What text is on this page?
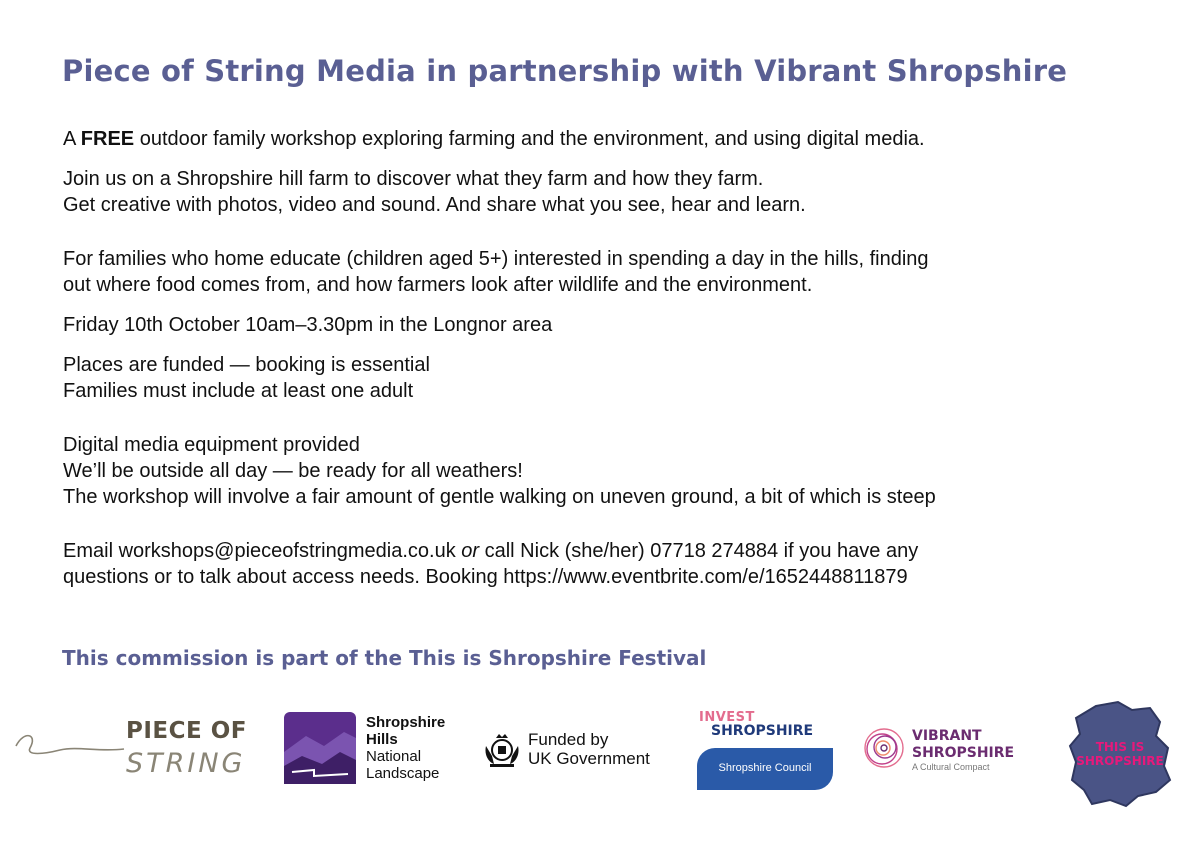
Piece of String Media in partnership with Vibrant Shropshire

A FREE outdoor family workshop exploring farming and the environment, and using digital media.

Join us on a Shropshire hill farm to discover what they farm and how they farm.

Get creative with photos, video and sound. And share what you see, hear and learn.

For families who home educate (children aged 5+) interested in spending a day in the hills, finding

out where food comes from, and how farmers look after wildlife and the environment.

Friday 10th October 10am–3.30pm in the Longnor area

Places are funded — booking is essential

Families must include at least one adult

Digital media equipment provided

We’ll be outside all day — be ready for all weathers!

The workshop will involve a fair amount of gentle walking on uneven ground, a bit of which is steep

Email workshops@pieceofstringmedia.co.uk or call Nick (she/her) 07718 274884 if you have any

questions or to talk about access needs. Booking https://www.eventbrite.com/e/1652448811879

This commission is part of the This is Shropshire Festival

PIECE OF
STRING
Shropshire
Hills
National
Landscape
Funded by
UK Government
INVEST
SHROPSHIRE
Shropshire Council
VIBRANT
SHROPSHIRE
A Cultural Compact
THIS IS
SHROPSHIRE
